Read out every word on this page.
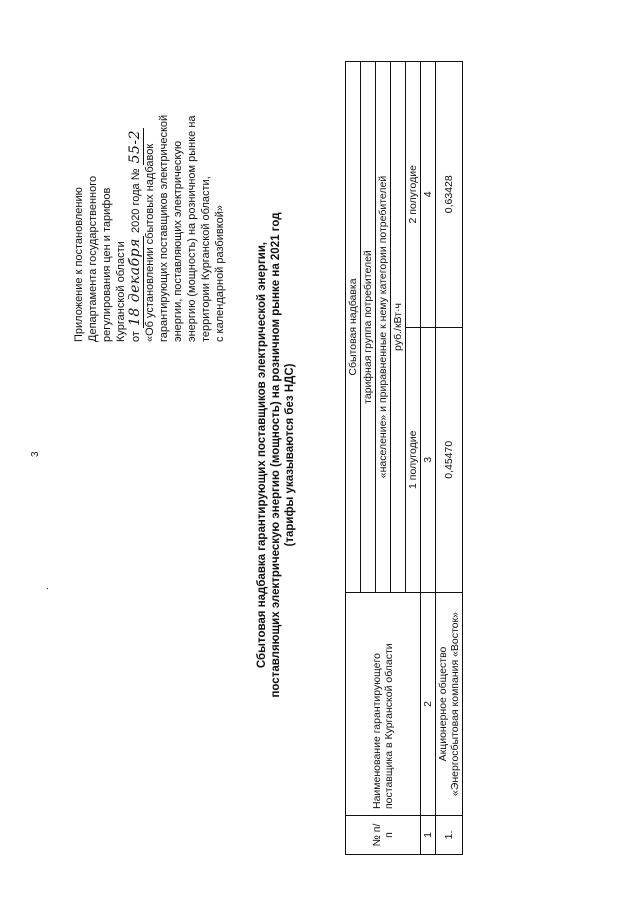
3
.
Приложение к постановлению Департамента государственного регулирования цен и тарифов Курганской области от 18 декабря 2020 года № 55-2 «Об установлении сбытовых надбавок гарантирующих поставщиков электрической энергии, поставляющих электрическую энергию (мощность) на розничном рынке на территории Курганской области, с календарной разбивкой»	Сбытовая надбавка гарантирующих поставщиков электрической энергии, поставляющих электрическую энергию (мощность) на розничном рынке на 2021 год (тарифы указываются без НДС)
№ п/п	Наименование гарантирующего поставщика в Курганской области	Сбытовая надбавка	
		тарифная группа потребителей	
		«население» и приравненные к нему категории потребителей	
		руб./кВт·ч	
		1 полугодие	2 полугодие
1	2	3	4
1.	Акционерное общество «Энергосбытовая компания «Восток»	0,45470	0,63428
